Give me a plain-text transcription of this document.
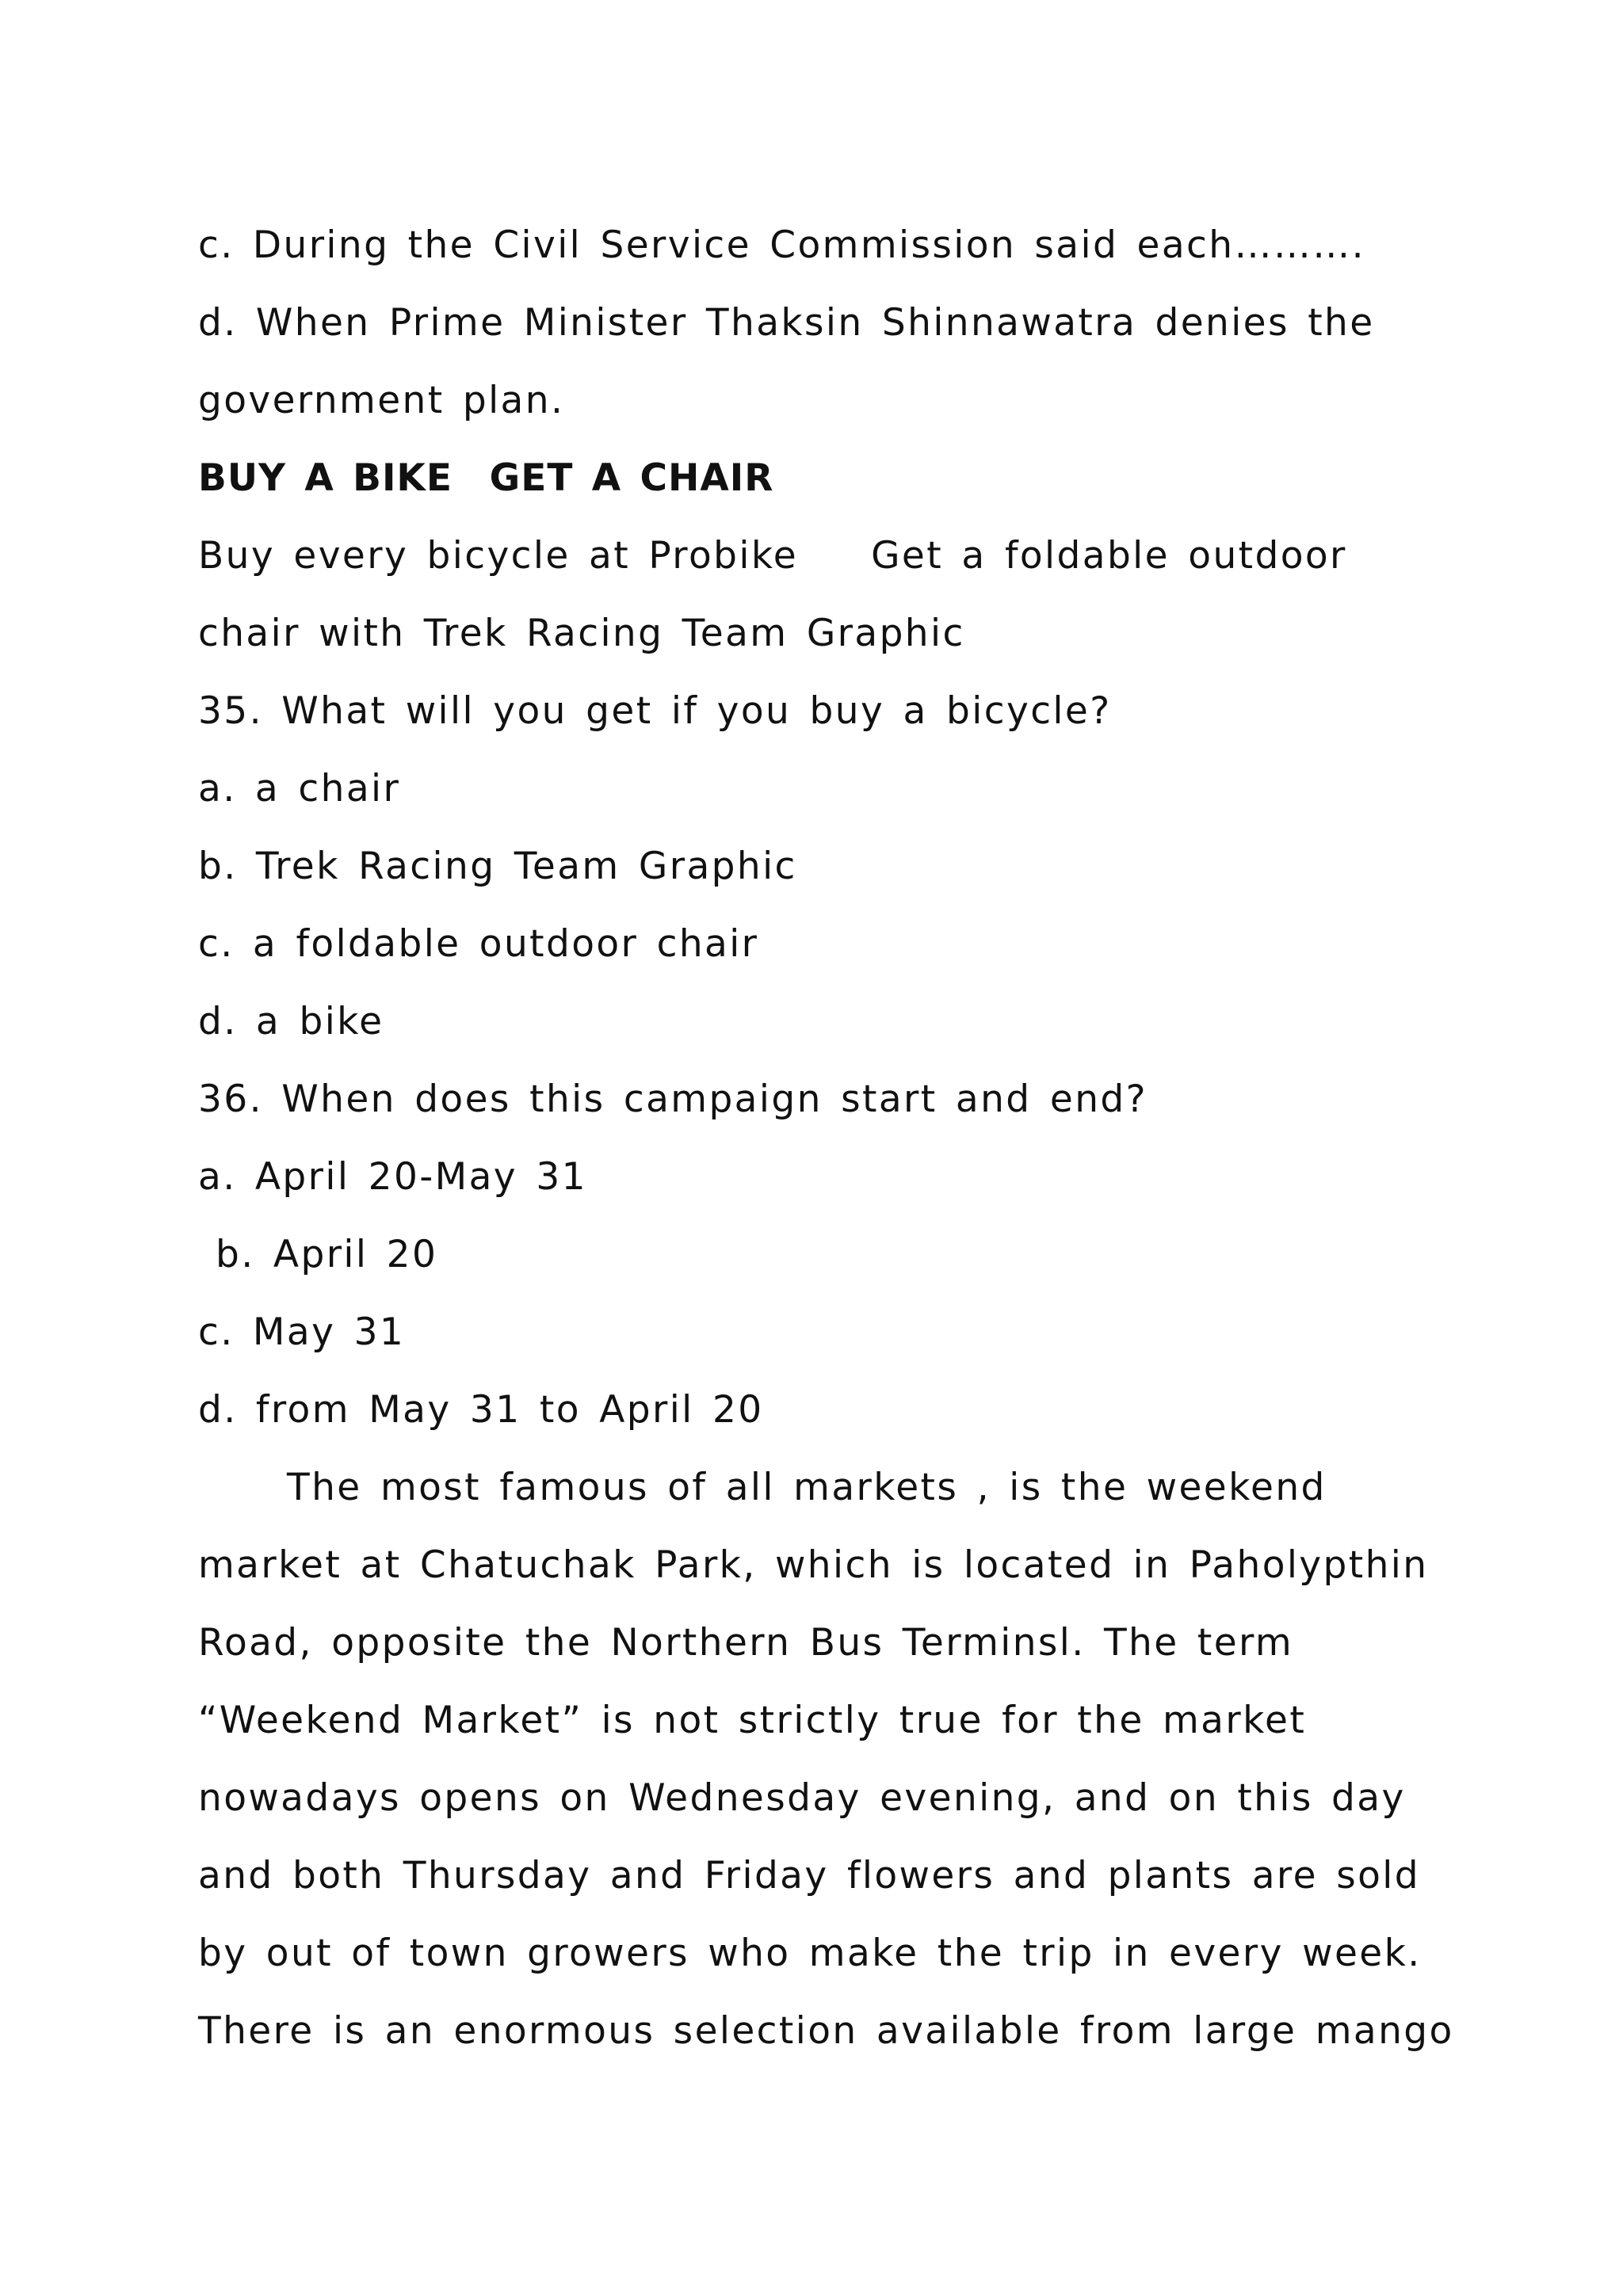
c. During the Civil Service Commission said each……….
d. When Prime Minister Thaksin Shinnawatra denies the
government plan.
BUY A BIKE  GET A CHAIR
Buy every bicycle at Probike Get a foldable outdoor
chair with Trek Racing Team Graphic
35. What will you get if you buy a bicycle?
a. a chair
b. Trek Racing Team Graphic
c. a foldable outdoor chair
d. a bike
36. When does this campaign start and end?
a. April 20-May 31
b. April 20
c. May 31
d. from May 31 to April 20
The most famous of all markets , is the weekend
market at Chatuchak Park, which is located in Paholypthin
Road, opposite the Northern Bus Terminsl. The term
“Weekend Market” is not strictly true for the market
nowadays opens on Wednesday evening, and on this day
and both Thursday and Friday flowers and plants are sold
by out of town growers who make the trip in every week.
There is an enormous selection available from large mango
